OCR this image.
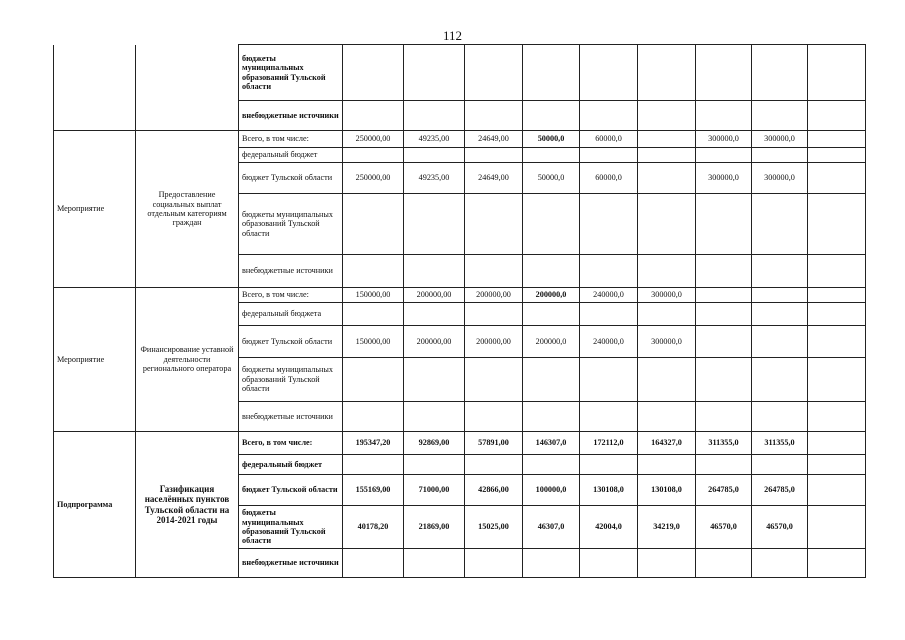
112
		бюджеты муниципальных образований Тульской области									
		внебюджетные источники									
Мероприятие	Предоставление социальных выплат отдельным категориям граждан	Всего, в том числе:	250000,00	49235,00	24649,00	50000,0	60000,0		300000,0	300000,0	
		федеральный бюджет									
		бюджет Тульской области	250000,00	49235,00	24649,00	50000,0	60000,0		300000,0	300000,0	
		бюджеты муниципальных образований Тульской области									
		внебюджетные источники									
Мероприятие	Финансирование уставной деятельности регионального оператора	Всего, в том числе:	150000,00	200000,00	200000,00	200000,0	240000,0	300000,0			
		федеральный бюджета									
		бюджет Тульской области	150000,00	200000,00	200000,00	200000,0	240000,0	300000,0			
		бюджеты муниципальных образований Тульской области									
		внебюджетные источники									
Подпрограмма	Газификация населённых пунктов Тульской области на 2014-2021 годы	Всего, в том числе:	195347,20	92869,00	57891,00	146307,0	172112,0	164327,0	311355,0	311355,0	
		федеральный бюджет									
		бюджет Тульской области	155169,00	71000,00	42866,00	100000,0	130108,0	130108,0	264785,0	264785,0	
		бюджеты муниципальных образований Тульской области	40178,20	21869,00	15025,00	46307,0	42004,0	34219,0	46570,0	46570,0	
		внебюджетные источники									
